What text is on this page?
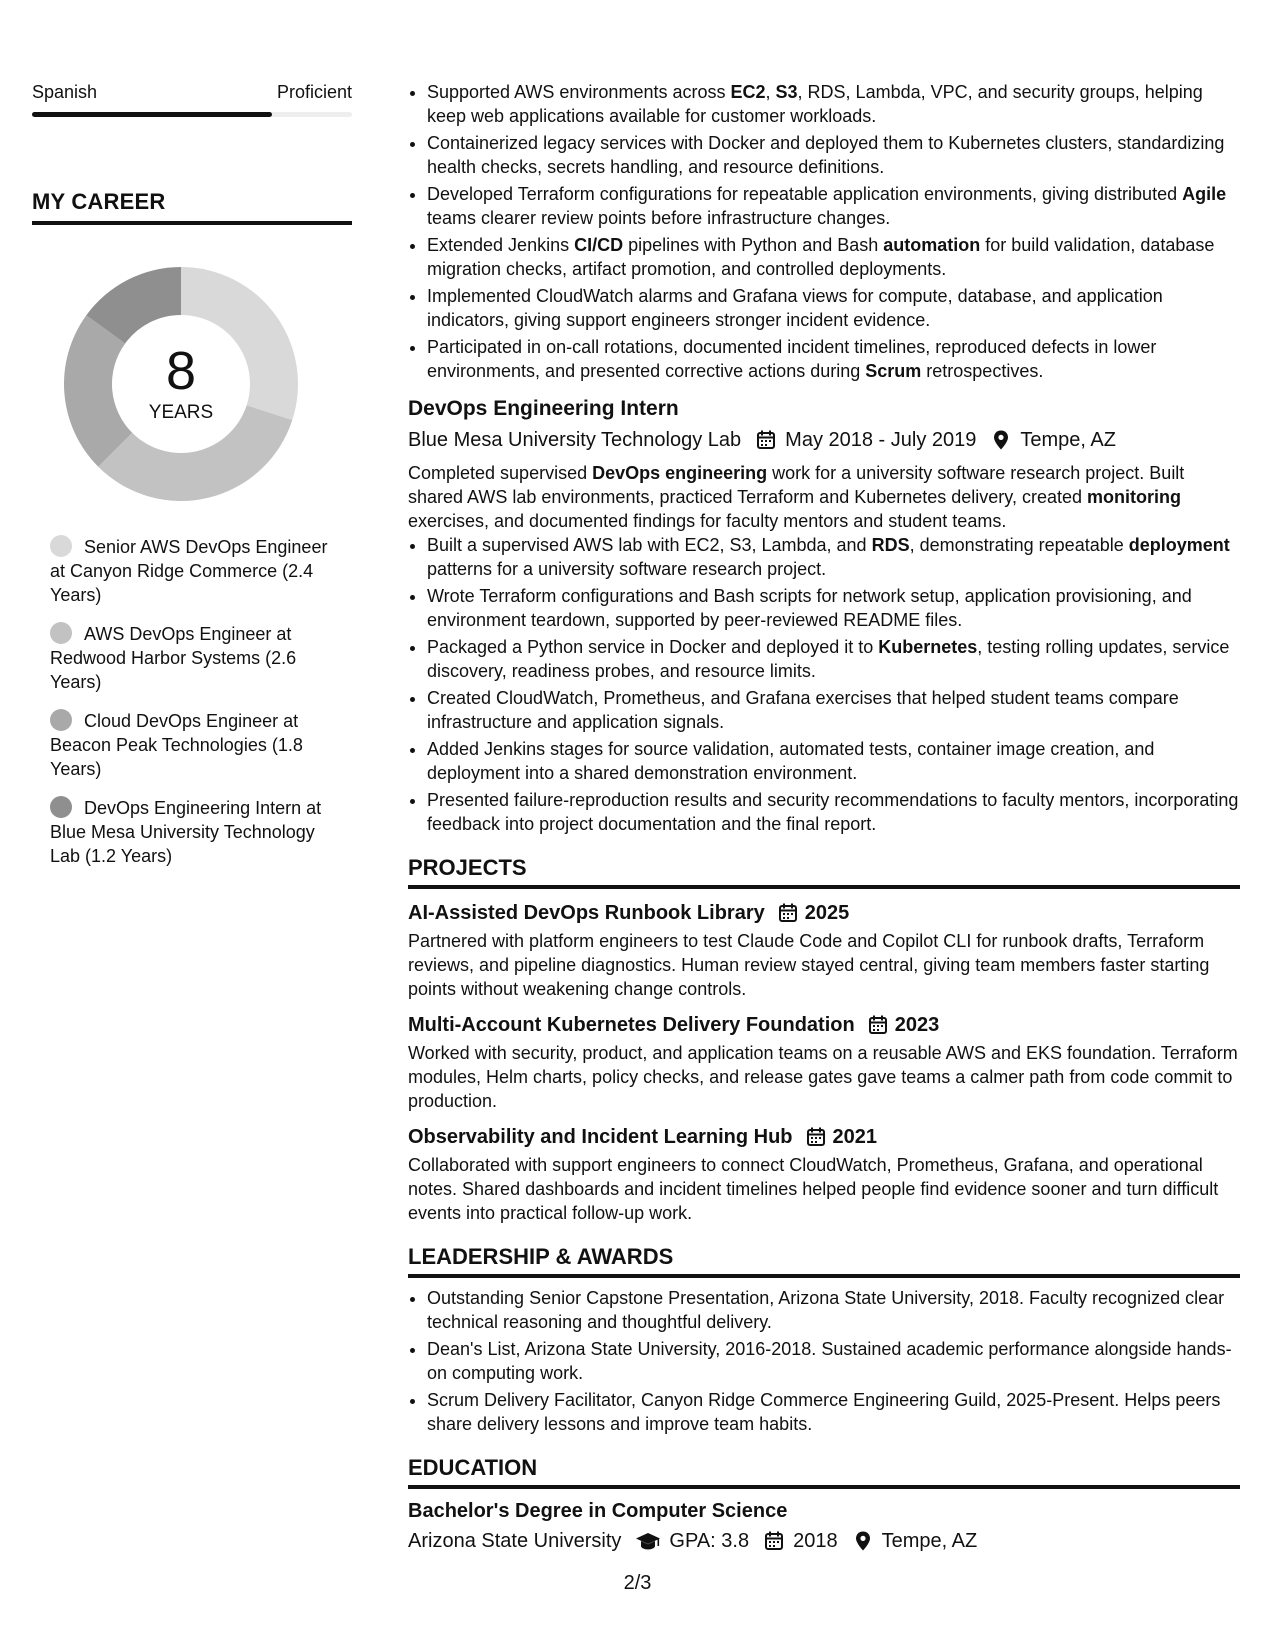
Spanish	Proficient
MY CAREER
8
YEARS
Senior AWS DevOps Engineer at Canyon Ridge Commerce (2.4 Years)
AWS DevOps Engineer at Redwood Harbor Systems (2.6 Years)
Cloud DevOps Engineer at Beacon Peak Technologies (1.8 Years)
DevOps Engineering Intern at Blue Mesa University Technology Lab (1.2 Years)
• Supported AWS environments across EC2, S3, RDS, Lambda, VPC, and security groups, helping keep web applications available for customer workloads.
• Containerized legacy services with Docker and deployed them to Kubernetes clusters, standardizing health checks, secrets handling, and resource definitions.
• Developed Terraform configurations for repeatable application environments, giving distributed Agile teams clearer review points before infrastructure changes.
• Extended Jenkins CI/CD pipelines with Python and Bash automation for build validation, database migration checks, artifact promotion, and controlled deployments.
• Implemented CloudWatch alarms and Grafana views for compute, database, and application indicators, giving support engineers stronger incident evidence.
• Participated in on-call rotations, documented incident timelines, reproduced defects in lower environments, and presented corrective actions during Scrum retrospectives.
DevOps Engineering Intern
Blue Mesa University Technology Lab May 2018 - July 2019 Tempe, AZ
Completed supervised DevOps engineering work for a university software research project. Built shared AWS lab environments, practiced Terraform and Kubernetes delivery, created monitoring exercises, and documented findings for faculty mentors and student teams.
• Built a supervised AWS lab with EC2, S3, Lambda, and RDS, demonstrating repeatable deployment patterns for a university software research project.
• Wrote Terraform configurations and Bash scripts for network setup, application provisioning, and environment teardown, supported by peer-reviewed README files.
• Packaged a Python service in Docker and deployed it to Kubernetes, testing rolling updates, service discovery, readiness probes, and resource limits.
• Created CloudWatch, Prometheus, and Grafana exercises that helped student teams compare infrastructure and application signals.
• Added Jenkins stages for source validation, automated tests, container image creation, and deployment into a shared demonstration environment.
• Presented failure-reproduction results and security recommendations to faculty mentors, incorporating feedback into project documentation and the final report.
PROJECTS
AI-Assisted DevOps Runbook Library 2025
Partnered with platform engineers to test Claude Code and Copilot CLI for runbook drafts, Terraform reviews, and pipeline diagnostics. Human review stayed central, giving team members faster starting points without weakening change controls.
Multi-Account Kubernetes Delivery Foundation 2023
Worked with security, product, and application teams on a reusable AWS and EKS foundation. Terraform modules, Helm charts, policy checks, and release gates gave teams a calmer path from code commit to production.
Observability and Incident Learning Hub 2021
Collaborated with support engineers to connect CloudWatch, Prometheus, Grafana, and operational notes. Shared dashboards and incident timelines helped people find evidence sooner and turn difficult events into practical follow-up work.
LEADERSHIP & AWARDS
• Outstanding Senior Capstone Presentation, Arizona State University, 2018. Faculty recognized clear technical reasoning and thoughtful delivery.
• Dean's List, Arizona State University, 2016-2018. Sustained academic performance alongside hands-on computing work.
• Scrum Delivery Facilitator, Canyon Ridge Commerce Engineering Guild, 2025-Present. Helps peers share delivery lessons and improve team habits.
EDUCATION
Bachelor's Degree in Computer Science
Arizona State University GPA: 3.8 2018 Tempe, AZ
2/3
